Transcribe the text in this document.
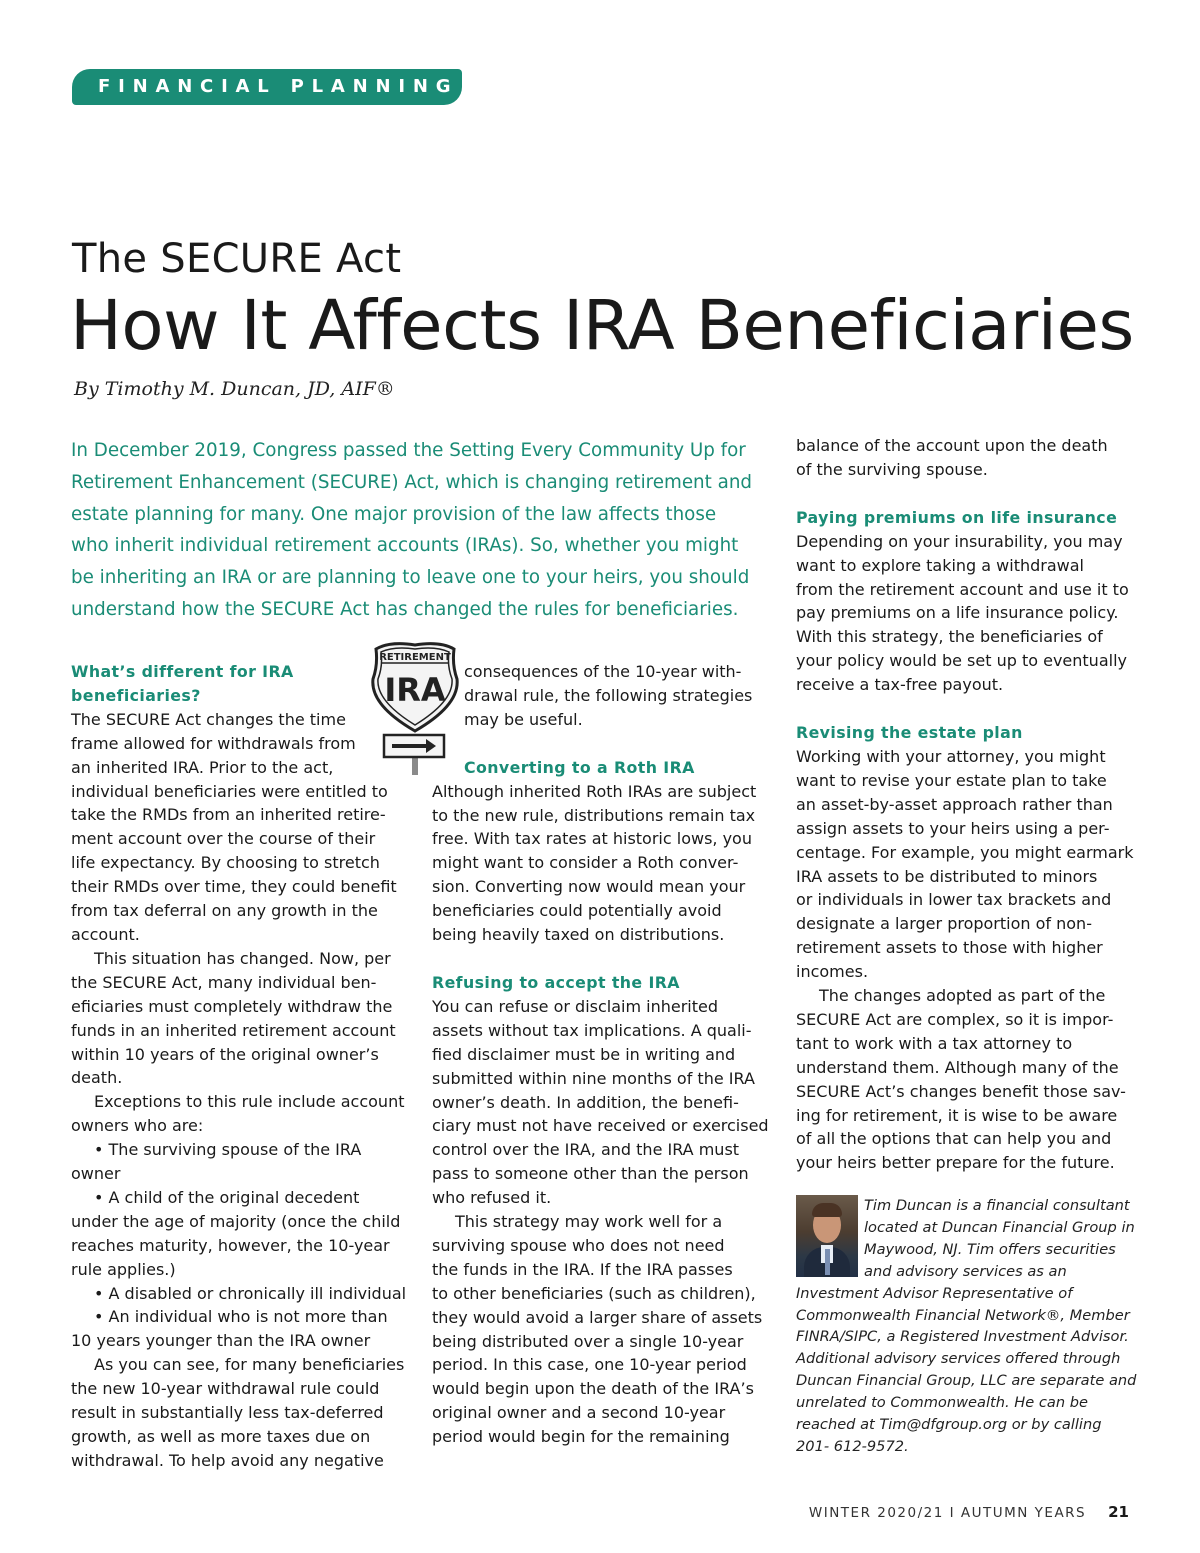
FINANCIAL PLANNING
The SECURE Act
How It Affects IRA Beneficiaries
By Timothy M. Duncan, JD, AIF®

In December 2019, Congress passed the Setting Every Community Up for

Retirement Enhancement (SECURE) Act, which is changing retirement and

estate planning for many. One major provision of the law affects those

who inherit individual retirement accounts (IRAs). So, whether you might

be inheriting an IRA or are planning to leave one to your heirs, you should

understand how the SECURE Act has changed the rules for beneficiaries.

RETIREMENT
IRA
What’s different for IRA
beneficiaries?

The SECURE Act changes the time

frame allowed for withdrawals from

an inherited IRA. Prior to the act,

individual beneficiaries were entitled to

take the RMDs from an inherited retire-

ment account over the course of their

life expectancy. By choosing to stretch

their RMDs over time, they could benefit

from tax deferral on any growth in the

account.

This situation has changed. Now, per

the SECURE Act, many individual ben-

eficiaries must completely withdraw the

funds in an inherited retirement account

within 10 years of the original owner’s

death.

Exceptions to this rule include account

owners who are:

• The surviving spouse of the IRA

owner

• A child of the original decedent

under the age of majority (once the child

reaches maturity, however, the 10-year

rule applies.)

• A disabled or chronically ill individual

• An individual who is not more than

10 years younger than the IRA owner

As you can see, for many beneficiaries

the new 10-year withdrawal rule could

result in substantially less tax-deferred

growth, as well as more taxes due on

withdrawal. To help avoid any negative

consequences of the 10-year with-

drawal rule, the following strategies

may be useful.

Converting to a Roth IRA

Although inherited Roth IRAs are subject

to the new rule, distributions remain tax

free. With tax rates at historic lows, you

might want to consider a Roth conver-

sion. Converting now would mean your

beneficiaries could potentially avoid

being heavily taxed on distributions.

Refusing to accept the IRA

You can refuse or disclaim inherited

assets without tax implications. A quali-

fied disclaimer must be in writing and

submitted within nine months of the IRA

owner’s death. In addition, the benefi-

ciary must not have received or exercised

control over the IRA, and the IRA must

pass to someone other than the person

who refused it.

This strategy may work well for a

surviving spouse who does not need

the funds in the IRA. If the IRA passes

to other beneficiaries (such as children),

they would avoid a larger share of assets

being distributed over a single 10-year

period. In this case, one 10-year period

would begin upon the death of the IRA’s

original owner and a second 10-year

period would begin for the remaining

balance of the account upon the death

of the surviving spouse.

Paying premiums on life insurance

Depending on your insurability, you may

want to explore taking a withdrawal

from the retirement account and use it to

pay premiums on a life insurance policy.

With this strategy, the beneficiaries of

your policy would be set up to eventually

receive a tax-free payout.

Revising the estate plan

Working with your attorney, you might

want to revise your estate plan to take

an asset-by-asset approach rather than

assign assets to your heirs using a per-

centage. For example, you might earmark

IRA assets to be distributed to minors

or individuals in lower tax brackets and

designate a larger proportion of non-

retirement assets to those with higher

incomes.

The changes adopted as part of the

SECURE Act are complex, so it is impor-

tant to work with a tax attorney to

understand them. Although many of the

SECURE Act’s changes benefit those sav-

ing for retirement, it is wise to be aware

of all the options that can help you and

your heirs better prepare for the future.

Tim Duncan is a financial consultant

located at Duncan Financial Group in

Maywood, NJ. Tim offers securities

and advisory services as an

Investment Advisor Representative of

Commonwealth Financial Network®, Member

FINRA/SIPC, a Registered Investment Advisor.

Additional advisory services offered through

Duncan Financial Group, LLC are separate and

unrelated to Commonwealth. He can be

reached at Tim@dfgroup.org or by calling

201- 612-9572.

WINTER 2020/21 I AUTUMN YEARS 21
